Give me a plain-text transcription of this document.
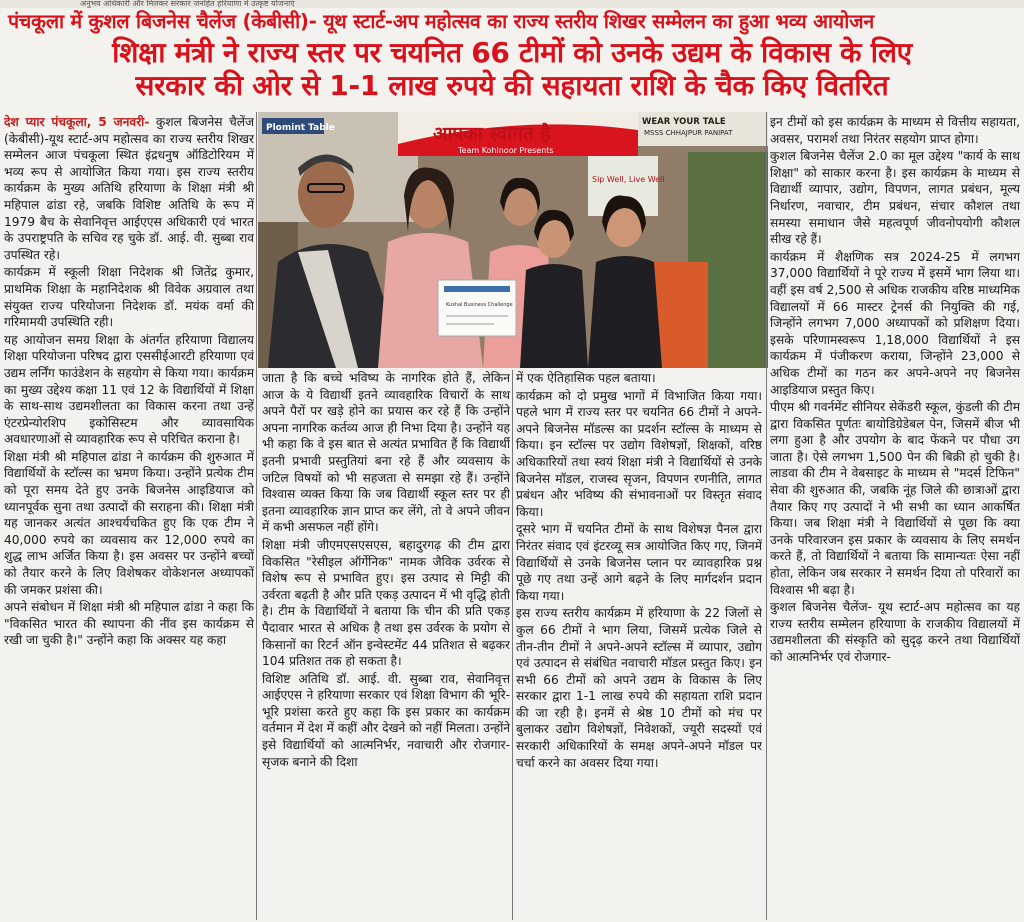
अनुभव अधिकारी और मिलकर सरकार जनहित हरियाणा में उत्कृष्ट योजनाएं
पंचकूला में कुशल बिजनेस चैलेंज (केबीसी)- यूथ स्टार्ट-अप महोत्सव का राज्य स्तरीय शिखर सम्मेलन का हुआ भव्य आयोजन
शिक्षा मंत्री ने राज्य स्तर पर चयनित 66 टीमों को उनके उद्यम के विकास के लिए
सरकार की ओर से 1-1 लाख रुपये की सहायता राशि के चैक किए वितरित

देश प्यार पंचकूला, 5 जनवरी- कुशल बिजनेस चैलेंज (केबीसी)-यूथ स्टार्ट-अप महोत्सव का राज्य स्तरीय शिखर सम्मेलन आज पंचकूला स्थित इंद्रधनुष ऑडिटोरियम में भव्य रूप से आयोजित किया गया। इस राज्य स्तरीय कार्यक्रम के मुख्य अतिथि हरियाणा के शिक्षा मंत्री श्री महिपाल ढांडा रहे, जबकि विशिष्ट अतिथि के रूप में 1979 बैच के सेवानिवृत्त आईएएस अधिकारी एवं भारत के उपराष्ट्रपति के सचिव रह चुके डॉ. आई. वी. सुब्बा राव उपस्थित रहे।

कार्यक्रम में स्कूली शिक्षा निदेशक श्री जितेंद्र कुमार, प्राथमिक शिक्षा के महानिदेशक श्री विवेक अग्रवाल तथा संयुक्त राज्य परियोजना निदेशक डॉ. मयंक वर्मा की गरिमामयी उपस्थिति रही।

यह आयोजन समग्र शिक्षा के अंतर्गत हरियाणा विद्यालय शिक्षा परियोजना परिषद द्वारा एससीईआरटी हरियाणा एवं उद्यम लर्निंग फाउंडेशन के सहयोग से किया गया। कार्यक्रम का मुख्य उद्देश्य कक्षा 11 एवं 12 के विद्यार्थियों में शिक्षा के साथ-साथ उद्यमशीलता का विकास करना तथा उन्हें एंटरप्रेन्योरशिप इकोसिस्टम और व्यावसायिक अवधारणाओं से व्यावहारिक रूप से परिचित कराना है।

शिक्षा मंत्री श्री महिपाल ढांडा ने कार्यक्रम की शुरुआत में विद्यार्थियों के स्टॉल्स का भ्रमण किया। उन्होंने प्रत्येक टीम को पूरा समय देते हुए उनके बिजनेस आइडियाज को ध्यानपूर्वक सुना तथा उत्पादों की सराहना की। शिक्षा मंत्री यह जानकर अत्यंत आश्चर्यचकित हुए कि एक टीम ने 40,000 रुपये का व्यवसाय कर 12,000 रुपये का शुद्ध लाभ अर्जित किया है। इस अवसर पर उन्होंने बच्चों को तैयार करने के लिए विशेषकर वोकेशनल अध्यापकों की जमकर प्रशंसा की।

अपने संबोधन में शिक्षा मंत्री श्री महिपाल ढांडा ने कहा कि "विकसित भारत की स्थापना की नींव इस कार्यक्रम से रखी जा चुकी है।" उन्होंने कहा कि अक्सर यह कहा

Plomint Table	आपका स्वागत है
Team Kohinoor Presents
WEAR YOUR TALE
MSSS CHHAJPUR PANIPAT
Sip Well, Live Well
Kushal Business Challenge

जाता है कि बच्चे भविष्य के नागरिक होते हैं, लेकिन आज के ये विद्यार्थी इतने व्यावहारिक विचारों के साथ अपने पैरों पर खड़े होने का प्रयास कर रहे हैं कि उन्होंने अपना नागरिक कर्तव्य आज ही निभा दिया है। उन्होंने यह भी कहा कि वे इस बात से अत्यंत प्रभावित हैं कि विद्यार्थी इतनी प्रभावी प्रस्तुतियां बना रहे हैं और व्यवसाय के जटिल विषयों को भी सहजता से समझा रहे हैं। उन्होंने विश्वास व्यक्त किया कि जब विद्यार्थी स्कूल स्तर पर ही इतना व्यावहारिक ज्ञान प्राप्त कर लेंगे, तो वे अपने जीवन में कभी असफल नहीं होंगे।

शिक्षा मंत्री जीएमएसएसएस, बहादुरगढ़ की टीम द्वारा विकसित "रेसीइल ऑर्गेनिक" नामक जैविक उर्वरक से विशेष रूप से प्रभावित हुए। इस उत्पाद से मिट्टी की उर्वरता बढ़ती है और प्रति एकड़ उत्पादन में भी वृद्धि होती है। टीम के विद्यार्थियों ने बताया कि चीन की प्रति एकड़ पैदावार भारत से अधिक है तथा इस उर्वरक के प्रयोग से किसानों का रिटर्न ऑन इन्वेस्टमेंट 44 प्रतिशत से बढ़कर 104 प्रतिशत तक हो सकता है।

विशिष्ट अतिथि डॉ. आई. वी. सुब्बा राव, सेवानिवृत्त आईएएस ने हरियाणा सरकार एवं शिक्षा विभाग की भूरि-भूरि प्रशंसा करते हुए कहा कि इस प्रकार का कार्यक्रम वर्तमान में देश में कहीं और देखने को नहीं मिलता। उन्होंने इसे विद्यार्थियों को आत्मनिर्भर, नवाचारी और रोजगार-सृजक बनाने की दिशा

में एक ऐतिहासिक पहल बताया।

कार्यक्रम को दो प्रमुख भागों में विभाजित किया गया। पहले भाग में राज्य स्तर पर चयनित 66 टीमों ने अपने-अपने बिजनेस मॉडल्स का प्रदर्शन स्टॉल्स के माध्यम से किया। इन स्टॉल्स पर उद्योग विशेषज्ञों, शिक्षकों, वरिष्ठ अधिकारियों तथा स्वयं शिक्षा मंत्री ने विद्यार्थियों से उनके बिजनेस मॉडल, राजस्व सृजन, विपणन रणनीति, लागत प्रबंधन और भविष्य की संभावनाओं पर विस्तृत संवाद किया।

दूसरे भाग में चयनित टीमों के साथ विशेषज्ञ पैनल द्वारा निरंतर संवाद एवं इंटरव्यू सत्र आयोजित किए गए, जिनमें विद्यार्थियों से उनके बिजनेस प्लान पर व्यावहारिक प्रश्न पूछे गए तथा उन्हें आगे बढ़ने के लिए मार्गदर्शन प्रदान किया गया।

इस राज्य स्तरीय कार्यक्रम में हरियाणा के 22 जिलों से कुल 66 टीमों ने भाग लिया, जिसमें प्रत्येक जिले से तीन-तीन टीमों ने अपने-अपने स्टॉल्स में व्यापार, उद्योग एवं उत्पादन से संबंधित नवाचारी मॉडल प्रस्तुत किए। इन सभी 66 टीमों को अपने उद्यम के विकास के लिए सरकार द्वारा 1-1 लाख रुपये की सहायता राशि प्रदान की जा रही है। इनमें से श्रेष्ठ 10 टीमों को मंच पर बुलाकर उद्योग विशेषज्ञों, निवेशकों, ज्यूरी सदस्यों एवं सरकारी अधिकारियों के समक्ष अपने-अपने मॉडल पर चर्चा करने का अवसर दिया गया।

इन टीमों को इस कार्यक्रम के माध्यम से वित्तीय सहायता, अवसर, परामर्श तथा निरंतर सहयोग प्राप्त होगा।

कुशल बिजनेस चैलेंज 2.0 का मूल उद्देश्य "कार्य के साथ शिक्षा" को साकार करना है। इस कार्यक्रम के माध्यम से विद्यार्थी व्यापार, उद्योग, विपणन, लागत प्रबंधन, मूल्य निर्धारण, नवाचार, टीम प्रबंधन, संचार कौशल तथा समस्या समाधान जैसे महत्वपूर्ण जीवनोपयोगी कौशल सीख रहे हैं।

कार्यक्रम में शैक्षणिक सत्र 2024-25 में लगभग 37,000 विद्यार्थियों ने पूरे राज्य में इसमें भाग लिया था। वहीं इस वर्ष 2,500 से अधिक राजकीय वरिष्ठ माध्यमिक विद्यालयों में 66 मास्टर ट्रेनर्स की नियुक्ति की गई, जिन्होंने लगभग 7,000 अध्यापकों को प्रशिक्षण दिया। इसके परिणामस्वरूप 1,18,000 विद्यार्थियों ने इस कार्यक्रम में पंजीकरण कराया, जिन्होंने 23,000 से अधिक टीमों का गठन कर अपने-अपने नए बिजनेस आइडियाज प्रस्तुत किए।

पीएम श्री गवर्नमेंट सीनियर सेकेंडरी स्कूल, कुंडली की टीम द्वारा विकसित पूर्णतः बायोडिग्रेडेबल पेन, जिसमें बीज भी लगा हुआ है और उपयोग के बाद फेंकने पर पौधा उग जाता है। ऐसे लगभग 1,500 पेन की बिक्री हो चुकी है। लाडवा की टीम ने वेबसाइट के माध्यम से "मदर्स टिफिन" सेवा की शुरुआत की, जबकि नूंह जिले की छात्राओं द्वारा तैयार किए गए उत्पादों ने भी सभी का ध्यान आकर्षित किया। जब शिक्षा मंत्री ने विद्यार्थियों से पूछा कि क्या उनके परिवारजन इस प्रकार के व्यवसाय के लिए समर्थन करते हैं, तो विद्यार्थियों ने बताया कि सामान्यतः ऐसा नहीं होता, लेकिन जब सरकार ने समर्थन दिया तो परिवारों का विश्वास भी बढ़ा है।

कुशल बिजनेस चैलेंज- यूथ स्टार्ट-अप महोत्सव का यह राज्य स्तरीय सम्मेलन हरियाणा के राजकीय विद्यालयों में उद्यमशीलता की संस्कृति को सुदृढ़ करने तथा विद्यार्थियों को आत्मनिर्भर एवं रोजगार-
